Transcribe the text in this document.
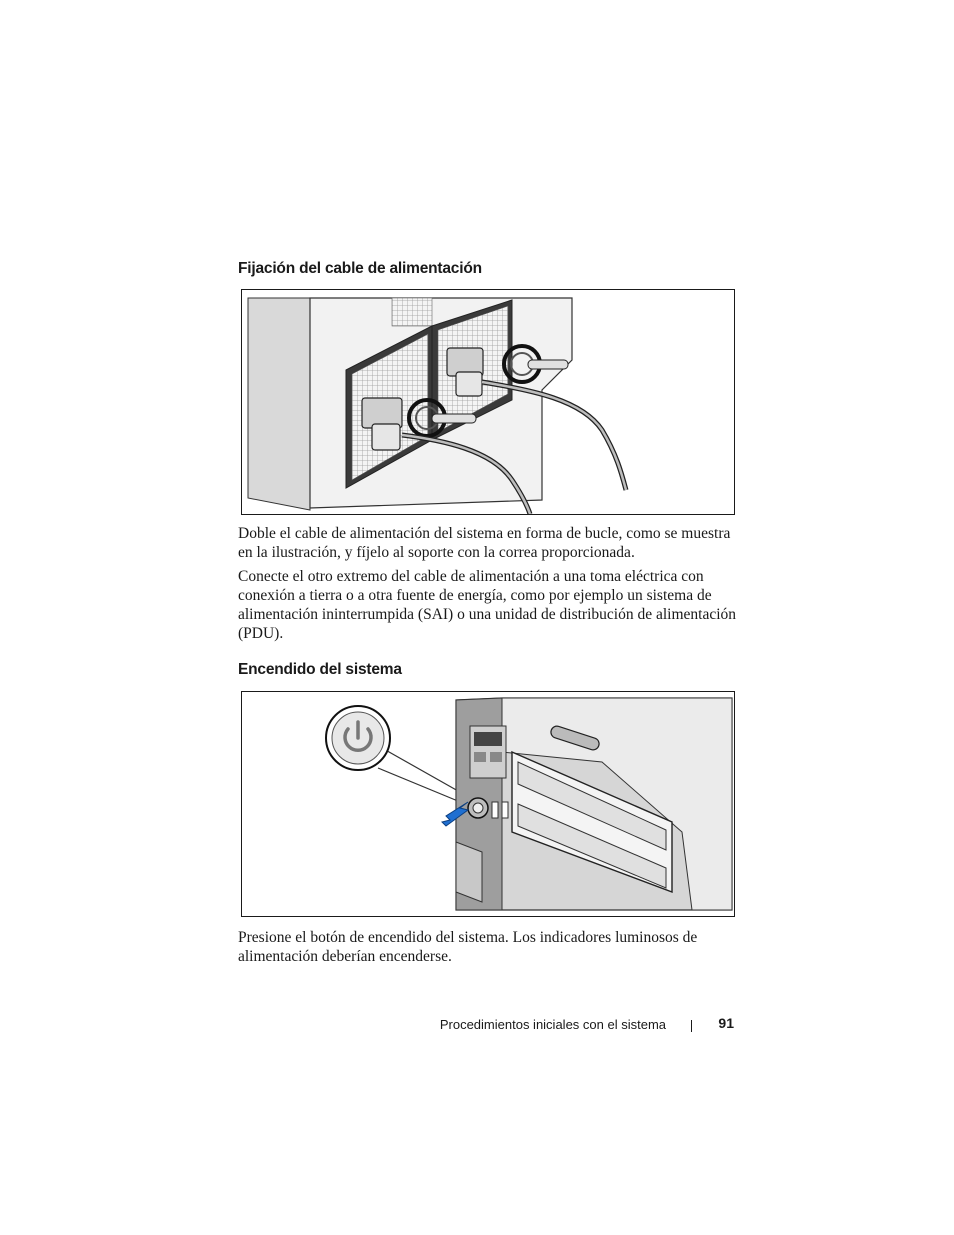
Fijación del cable de alimentación

Doble el cable de alimentación del sistema en forma de bucle, como se muestra en la ilustración, y fíjelo al soporte con la correa proporcionada.

Conecte el otro extremo del cable de alimentación a una toma eléctrica con conexión a tierra o a otra fuente de energía, como por ejemplo un sistema de alimentación ininterrumpida (SAI) o una unidad de distribución de alimentación (PDU).

Encendido del sistema

Presione el botón de encendido del sistema. Los indicadores luminosos de alimentación deberían encenderse.

Procedimientos iniciales con el sistema	91
